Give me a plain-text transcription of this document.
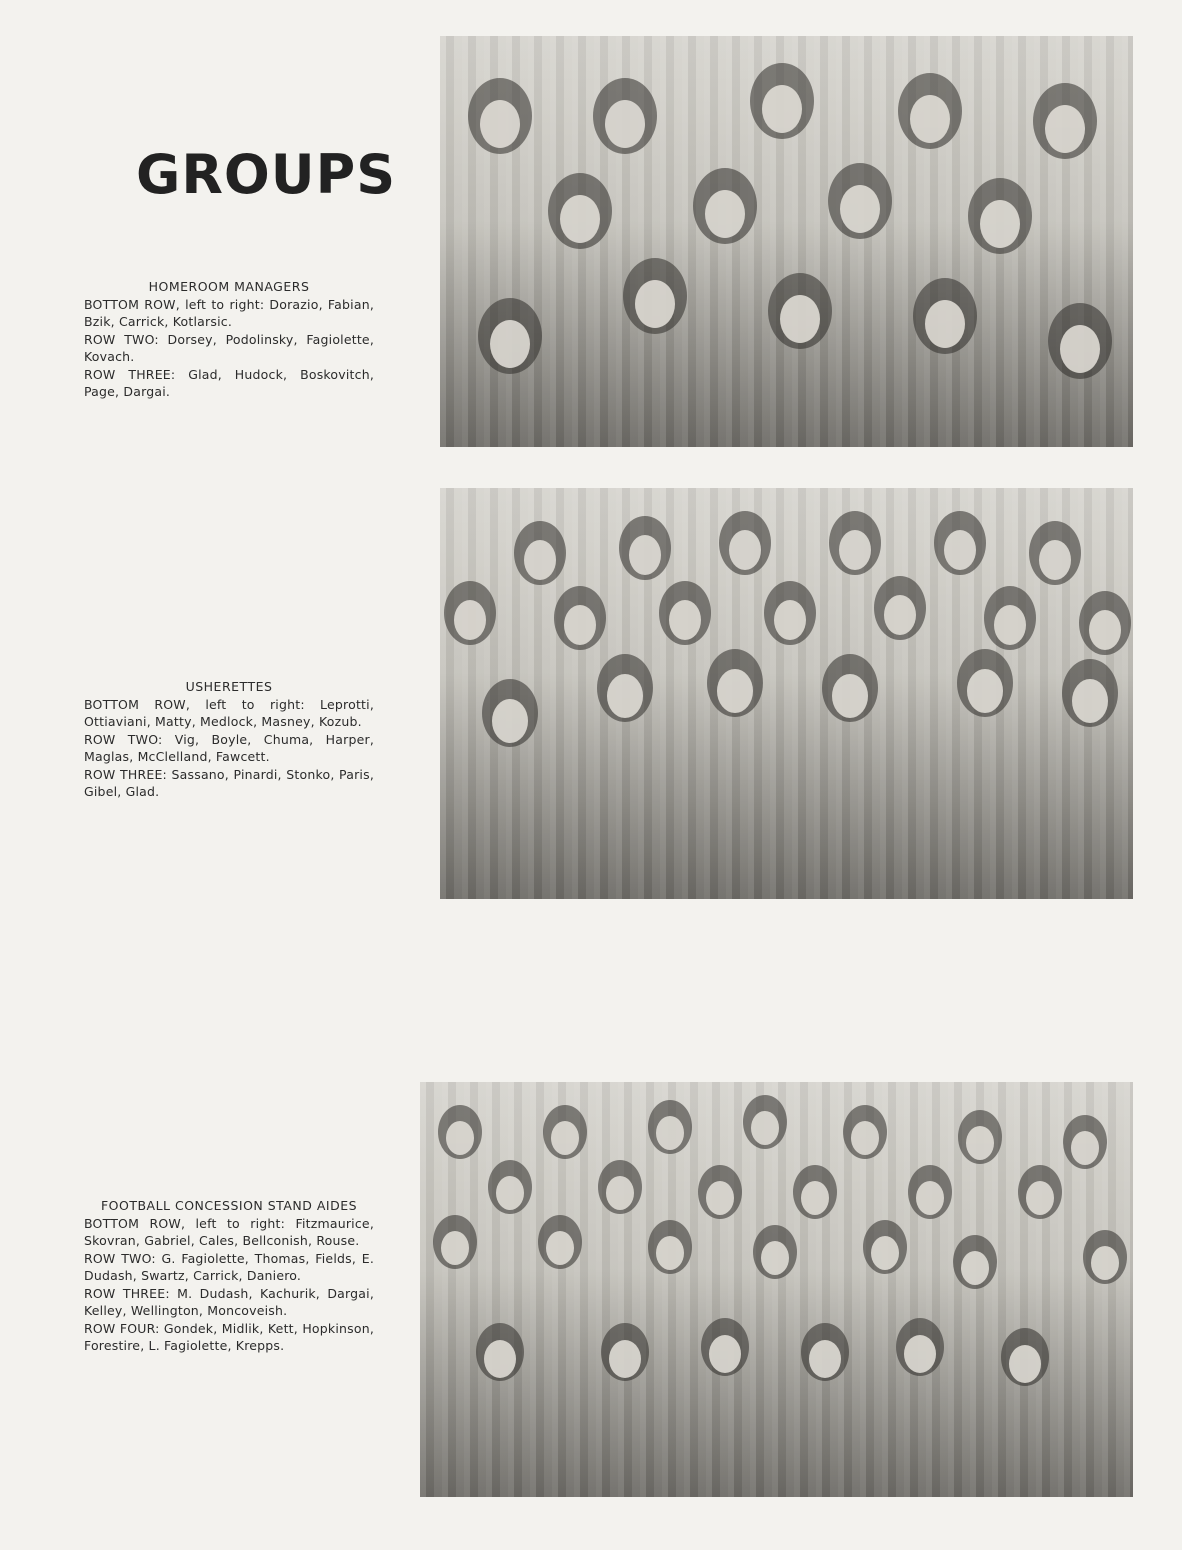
GROUPS
HOMEROOM MANAGERS
BOTTOM ROW, left to right: Dorazio, Fabian, Bzik, Carrick, Kotlarsic.
ROW TWO: Dorsey, Podolinsky, Fagiolette, Kovach.
ROW THREE: Glad, Hudock, Boskovitch, Page, Dargai.
USHERETTES
BOTTOM ROW, left to right: Leprotti, Ottiaviani, Matty, Medlock, Masney, Kozub.
ROW TWO: Vig, Boyle, Chuma, Harper, Maglas, McClelland, Fawcett.
ROW THREE: Sassano, Pinardi, Stonko, Paris, Gibel, Glad.
FOOTBALL CONCESSION STAND AIDES
BOTTOM ROW, left to right: Fitzmaurice, Skovran, Gabriel, Cales, Bellconish, Rouse.
ROW TWO: G. Fagiolette, Thomas, Fields, E. Dudash, Swartz, Carrick, Daniero.
ROW THREE: M. Dudash, Kachurik, Dargai, Kelley, Wellington, Moncoveish.
ROW FOUR: Gondek, Midlik, Kett, Hopkinson, Forestire, L. Fagiolette, Krepps.
